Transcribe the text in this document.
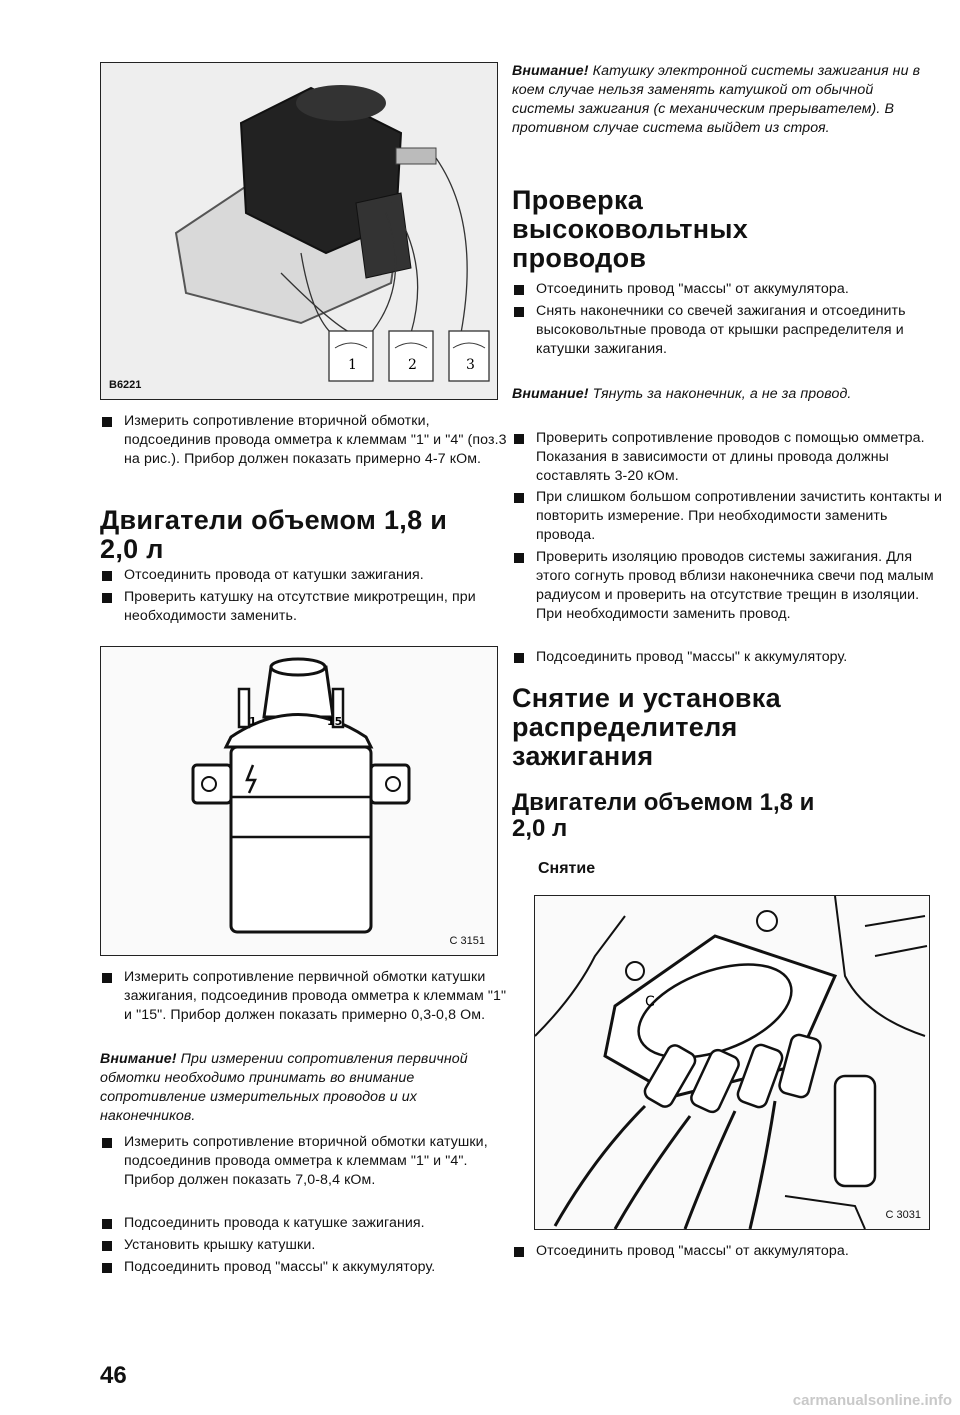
1	2	3
B6221
Измерить сопротивление вторичной обмотки, подсоединив провода омметра к клеммам "1" и "4" (поз.3 на рис.). Прибор должен показать примерно 4-7 кОм.
Двигатели объемом 1,8 и 2,0 л
Отсоединить провода от катушки зажигания.
Проверить катушку на отсутствие микротрещин, при необходимости заменить.
1	15
C 3151
Измерить сопротивление первичной обмотки катушки зажигания, подсоединив провода омметра к клеммам "1" и "15". Прибор должен показать примерно 0,3-0,8 Ом.
Внимание! При измерении сопротивления первичной обмотки необходимо принимать во внимание сопротивление измерительных проводов и их наконечников.
Измерить сопротивление вторичной обмотки катушки, подсоединив провода омметра к клеммам "1" и "4". Прибор должен показать 7,0-8,4 кОм.
Подсоединить провода к катушке зажигания.
Установить крышку катушки.
Подсоединить провод "массы" к аккумулятору.
Внимание! Катушку электронной системы зажигания ни в коем случае нельзя заменять катушкой от обычной системы зажигания (с механическим прерывателем). В противном случае система выйдет из строя.
Проверка высоковольтных проводов
Отсоединить провод "массы" от аккумулятора.
Снять наконечники со свечей зажигания и отсоединить высоковольтные провода от крышки распределителя и катушки зажигания.
Внимание! Тянуть за наконечник, а не за провод.
Проверить сопротивление проводов с помощью омметра. Показания в зависимости от длины провода должны составлять 3-20 кОм.
При слишком большом сопротивлении зачистить контакты и повторить измерение. При необходимости заменить провода.
Проверить изоляцию проводов системы зажигания. Для этого согнуть провод вблизи наконечника свечи под малым радиусом и проверить на отсутствие трещин в изоляции. При необходимости заменить провод.
Подсоединить провод "массы" к аккумулятору.
Снятие и установка распределителя зажигания
Двигатели объемом 1,8 и 2,0 л
Снятие
C
C 3031
Отсоединить провод "массы" от аккумулятора.
46
carmanualsonline.info
